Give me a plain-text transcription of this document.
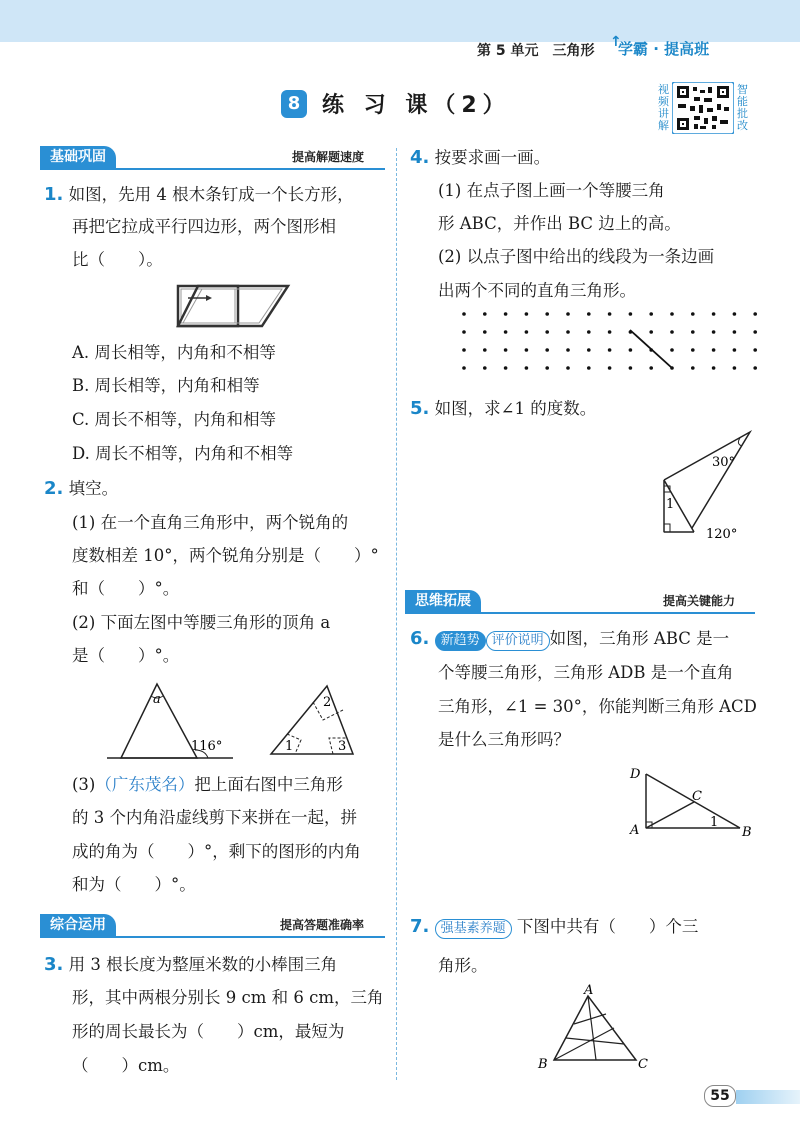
第 5 单元　三角形
↑
学霸 · 提高班
8 练 习 课（2）
视频讲解
智能批改
基础巩固	提高解题速度
1. 如图，先用 4 根木条钉成一个长方形，
再把它拉成平行四边形，两个图形相
比（　　）。
A. 周长相等，内角和不相等
B. 周长相等，内角和相等
C. 周长不相等，内角和相等
D. 周长不相等，内角和不相等
2. 填空。
(1) 在一个直角三角形中，两个锐角的
度数相差 10°，两个锐角分别是（　　）°
和（　　）°。
(2) 下面左图中等腰三角形的顶角 a
是（　　）°。
a
116°
2
1	3
(3)（广东茂名）把上面右图中三角形
的 3 个内角沿虚线剪下来拼在一起，拼
成的角为（　　）°，剩下的图形的内角
和为（　　）°。
综合运用	提高答题准确率
3. 用 3 根长度为整厘米数的小棒围三角
形，其中两根分别长 9 cm 和 6 cm，三角
形的周长最长为（　　）cm，最短为
（　　）cm。
4. 按要求画一画。
(1) 在点子图上画一个等腰三角
形 ABC，并作出 BC 边上的高。
(2) 以点子图中给出的线段为一条边画
出两个不同的直角三角形。
5. 如图，求∠1 的度数。
30°
1
120°
思维拓展	提高关键能力
6. 新趋势 评价说明 如图，三角形 ABC 是一
个等腰三角形，三角形 ADB 是一个直角
三角形，∠1 = 30°，你能判断三角形 ACD
是什么三角形吗？
D
C
A	B
1
7. 强基素养题 下图中共有（　　）个三
角形。
A
B	C
55
